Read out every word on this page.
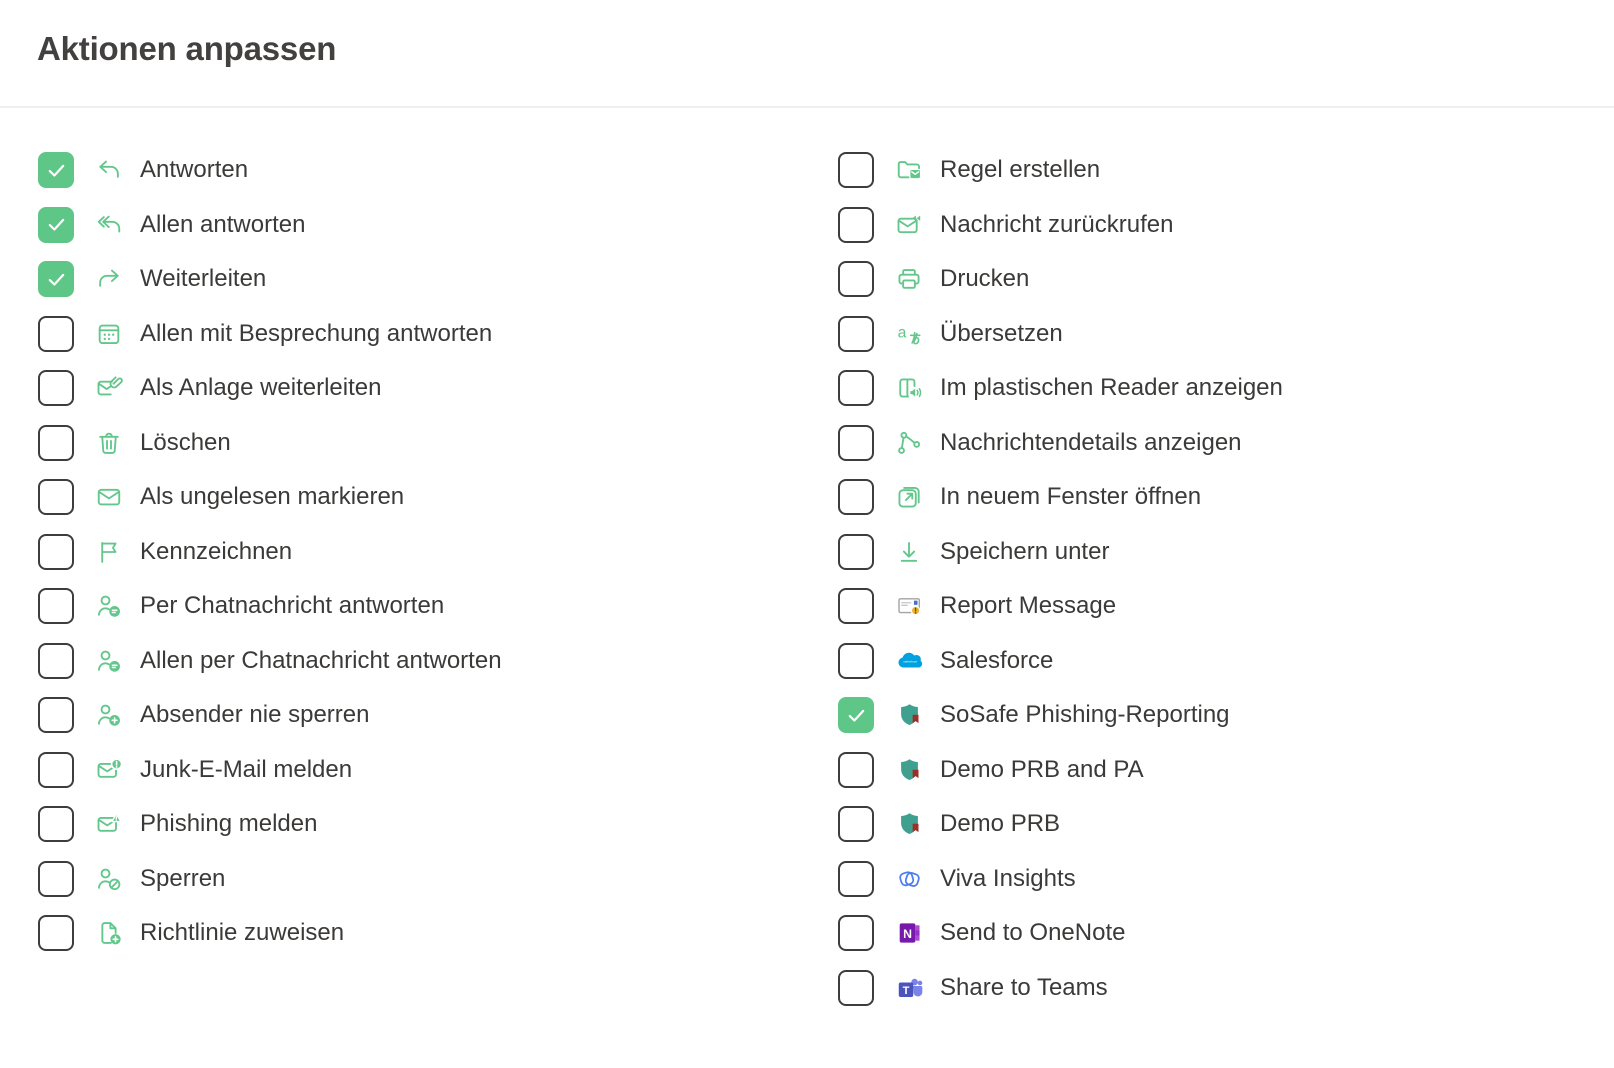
Aktionen anpassen
Antworten
Allen antworten
Weiterleiten
Allen mit Besprechung antworten
Als Anlage weiterleiten
Löschen
Als ungelesen markieren
Kennzeichnen
Per Chatnachricht antworten
Allen per Chatnachricht antworten
Absender nie sperren
Junk-E-Mail melden
Phishing melden
Sperren
Richtlinie zuweisen
Regel erstellen
Nachricht zurückrufen
Drucken
a Übersetzen
Im plastischen Reader anzeigen
Nachrichtendetails anzeigen
In neuem Fenster öffnen
Speichern unter
Report Message
salesforce Salesforce
SoSafe Phishing-Reporting
Demo PRB and PA
Demo PRB
Viva Insights
N Send to OneNote
T Share to Teams
